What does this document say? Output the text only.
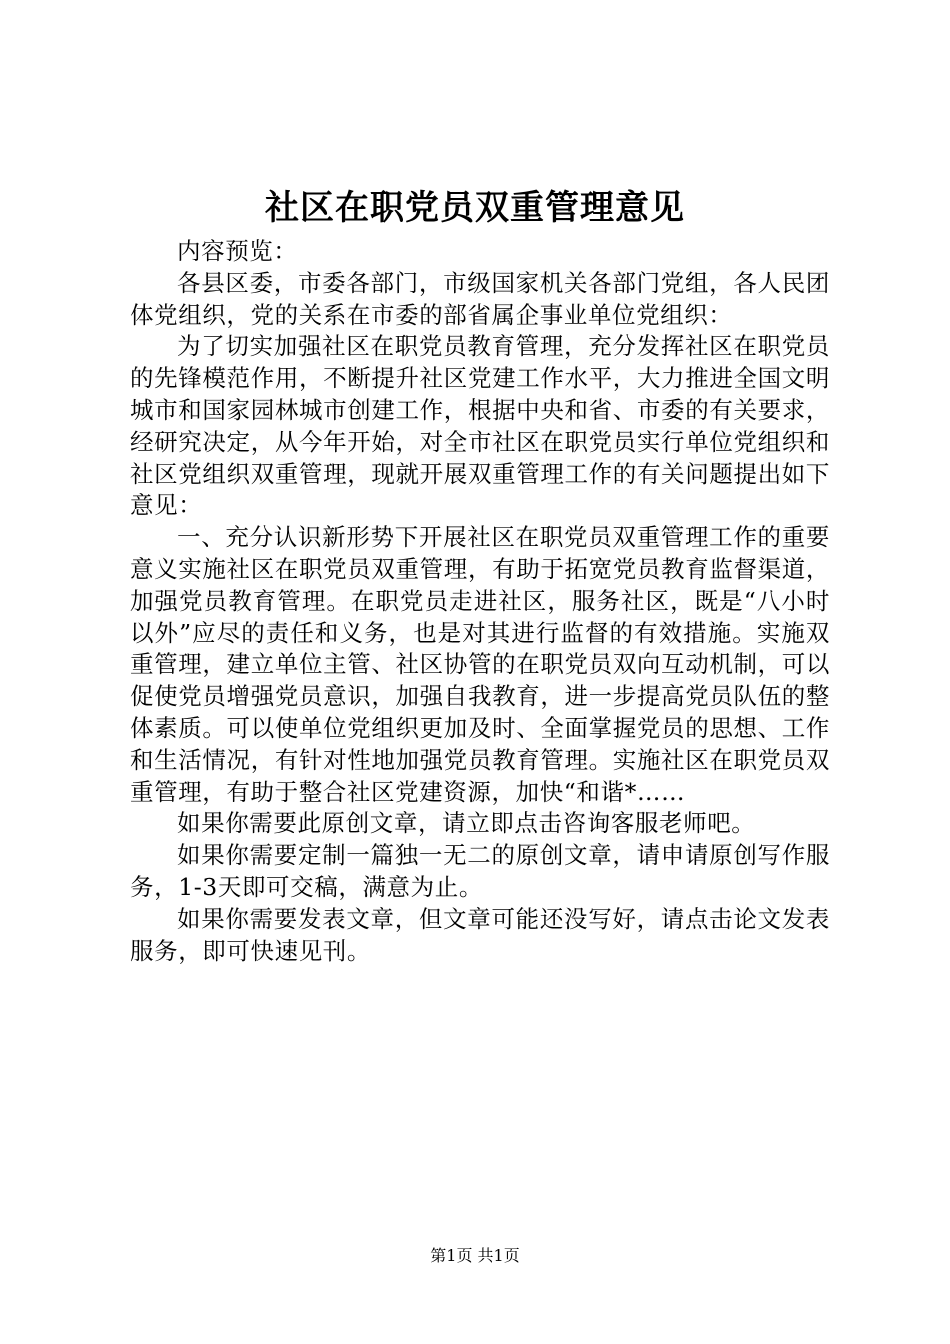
社区在职党员双重管理意见

内容预览：

各县区委，市委各部门，市级国家机关各部门党组，各人民团体党组织，党的关系在市委的部省属企事业单位党组织：

为了切实加强社区在职党员教育管理，充分发挥社区在职党员的先锋模范作用，不断提升社区党建工作水平，大力推进全国文明城市和国家园林城市创建工作，根据中央和省、市委的有关要求，经研究决定，从今年开始，对全市社区在职党员实行单位党组织和社区党组织双重管理，现就开展双重管理工作的有关问题提出如下意见：

一、充分认识新形势下开展社区在职党员双重管理工作的重要意义实施社区在职党员双重管理，有助于拓宽党员教育监督渠道，加强党员教育管理。在职党员走进社区，服务社区，既是“八小时以外”应尽的责任和义务，也是对其进行监督的有效措施。实施双重管理，建立单位主管、社区协管的在职党员双向互动机制，可以促使党员增强党员意识，加强自我教育，进一步提高党员队伍的整体素质。可以使单位党组织更加及时、全面掌握党员的思想、工作和生活情况，有针对性地加强党员教育管理。实施社区在职党员双重管理，有助于整合社区党建资源，加快“和谐*……

如果你需要此原创文章，请立即点击咨询客服老师吧。

如果你需要定制一篇独一无二的原创文章，请申请原创写作服务，1-3天即可交稿，满意为止。

如果你需要发表文章，但文章可能还没写好，请点击论文发表服务，即可快速见刊。

第1页 共1页
